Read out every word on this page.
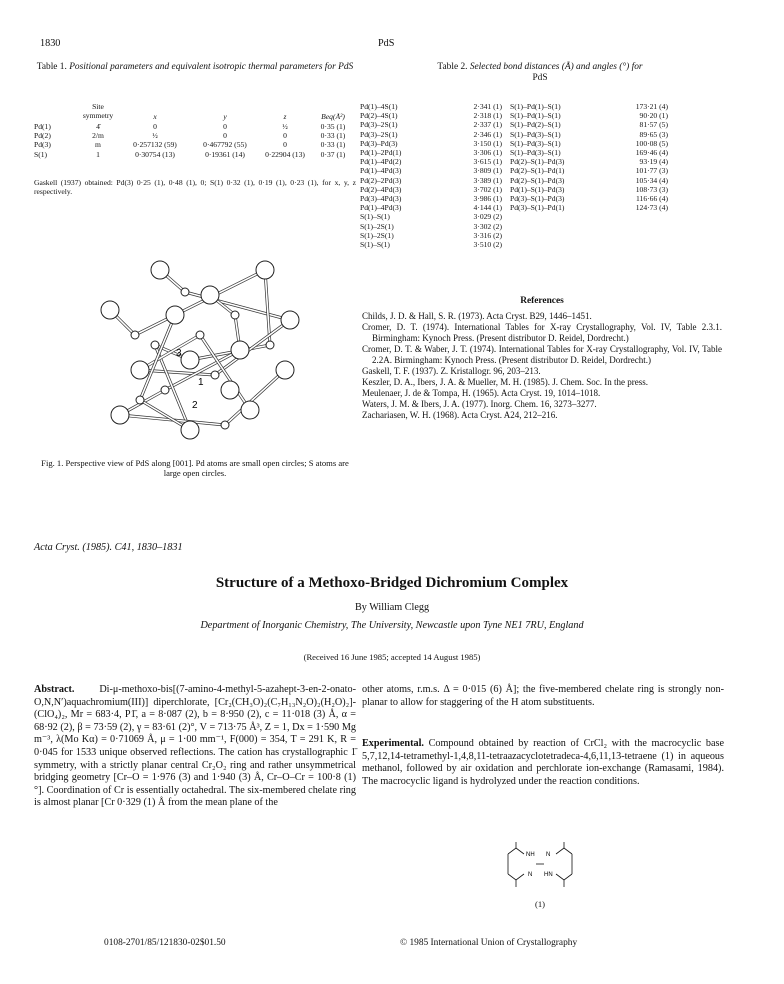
1830	PdS
Table 1. Positional parameters and equivalent isotropic thermal parameters for PdS
Site symmetry	x	y	z	Beq(Å²)
Pd(1)	4̄	0	0	½	0·35 (1)
Pd(2)	2/m	½	0	0	0·33 (1)
Pd(3)	m	0·257132 (59)	0·467792 (55)	0	0·33 (1)
S(1)	1	0·30754 (13)	0·19361 (14)	0·22904 (13)	0·37 (1)
Gaskell (1937) obtained: Pd(3) 0·25 (1), 0·48 (1), 0; S(1) 0·32 (1), 0·19 (1), 0·23 (1), for x, y, z respectively.
Table 2. Selected bond distances (Å) and angles (°) for
PdS
Pd(1)–4S(1)	2·341 (1)
Pd(2)–4S(1)	2·318 (1)
Pd(3)–2S(1)	2·337 (1)
Pd(3)–2S(1)	2·346 (1)
Pd(3)–Pd(3)	3·150 (1)
Pd(1)–2Pd(1)	3·306 (1)
Pd(1)–4Pd(2)	3·615 (1)
Pd(1)–4Pd(3)	3·809 (1)
Pd(2)–2Pd(3)	3·389 (1)
Pd(2)–4Pd(3)	3·702 (1)
Pd(3)–4Pd(3)	3·986 (1)
Pd(1)–4Pd(3)	4·144 (1)
S(1)–S(1)	3·029 (2)
S(1)–2S(1)	3·302 (2)
S(1)–2S(1)	3·316 (2)
S(1)–S(1)	3·510 (2)
S(1)–Pd(1)–S(1)	173·21 (4)
S(1)–Pd(1)–S(1)	90·20 (1)
S(1)–Pd(2)–S(1)	81·57 (5)
S(1)–Pd(3)–S(1)	89·65 (3)
S(1)–Pd(3)–S(1)	100·08 (5)
S(1)–Pd(3)–S(1)	169·46 (4)
Pd(2)–S(1)–Pd(3)	93·19 (4)
Pd(2)–S(1)–Pd(1)	101·77 (3)
Pd(2)–S(1)–Pd(3)	105·34 (4)
Pd(1)–S(1)–Pd(3)	108·73 (3)
Pd(3)–S(1)–Pd(3)	116·66 (4)
Pd(3)–S(1)–Pd(1)	124·73 (4)
3
1
2
Fig. 1. Perspective view of PdS along [001]. Pd atoms are small open circles; S atoms are large open circles.
References
Childs, J. D. & Hall, S. R. (1973). Acta Cryst. B29, 1446–1451.
Cromer, D. T. (1974). International Tables for X-ray Crystallography, Vol. IV, Table 2.3.1. Birmingham: Kynoch Press. (Present distributor D. Reidel, Dordrecht.)
Cromer, D. T. & Waber, J. T. (1974). International Tables for X-ray Crystallography, Vol. IV, Table 2.2A. Birmingham: Kynoch Press. (Present distributor D. Reidel, Dordrecht.)
Gaskell, T. F. (1937). Z. Kristallogr. 96, 203–213.
Keszler, D. A., Ibers, J. A. & Mueller, M. H. (1985). J. Chem. Soc. In the press.
Meulenaer, J. de & Tompa, H. (1965). Acta Cryst. 19, 1014–1018.
Waters, J. M. & Ibers, J. A. (1977). Inorg. Chem. 16, 3273–3277.
Zachariasen, W. H. (1968). Acta Cryst. A24, 212–216.
Acta Cryst. (1985). C41, 1830–1831
Structure of a Methoxo-Bridged Dichromium Complex
By William Clegg
Department of Inorganic Chemistry, The University, Newcastle upon Tyne NE1 7RU, England
(Received 16 June 1985; accepted 14 August 1985)
Abstract. Di-μ-methoxo-bis[(7-amino-4-methyl-5-azahept-3-en-2-onato-O,N,N′)aquachromium(III)] diperchlorate, [Cr₂(CH₃O)₂(C₇H₁₃N₂O)₂(H₂O)₂]-(ClO₄)₂, Mr = 683·4, P1̄, a = 8·087 (2), b = 8·950 (2), c = 11·018 (3) Å, α = 68·92 (2), β = 73·59 (2), γ = 83·61 (2)°, V = 713·75 Å³, Z = 1, Dx = 1·590 Mg m⁻³, λ(Mo Kα) = 0·71069 Å, μ = 1·00 mm⁻¹, F(000) = 354, T = 291 K, R = 0·045 for 1533 unique observed reflections. The cation has crystallographic 1̄ symmetry, with a strictly planar central Cr₂O₂ ring and rather unsymmetrical bridging geometry [Cr–O = 1·976 (3) and 1·940 (3) Å, Cr–O–Cr = 100·8 (1)°]. Coordination of Cr is essentially octahedral. The six-membered chelate ring is almost planar [Cr 0·329 (1) Å from the mean plane of the
other atoms, r.m.s. Δ = 0·015 (6) Å]; the five-membered chelate ring is strongly non-planar to allow for staggering of the H atom substituents.
Experimental. Compound obtained by reaction of CrCl₂ with the macrocyclic base 5,7,12,14-tetramethyl-1,4,8,11-tetraazacyclotetradeca-4,6,11,13-tetraene (1) in aqueous methanol, followed by air oxidation and perchlorate ion-exchange (Ramasami, 1984). The macrocyclic ligand is hydrolyzed under the reaction conditions.
NH N
N HN
(1)
0108-2701/85/121830-02$01.50	© 1985 International Union of Crystallography
